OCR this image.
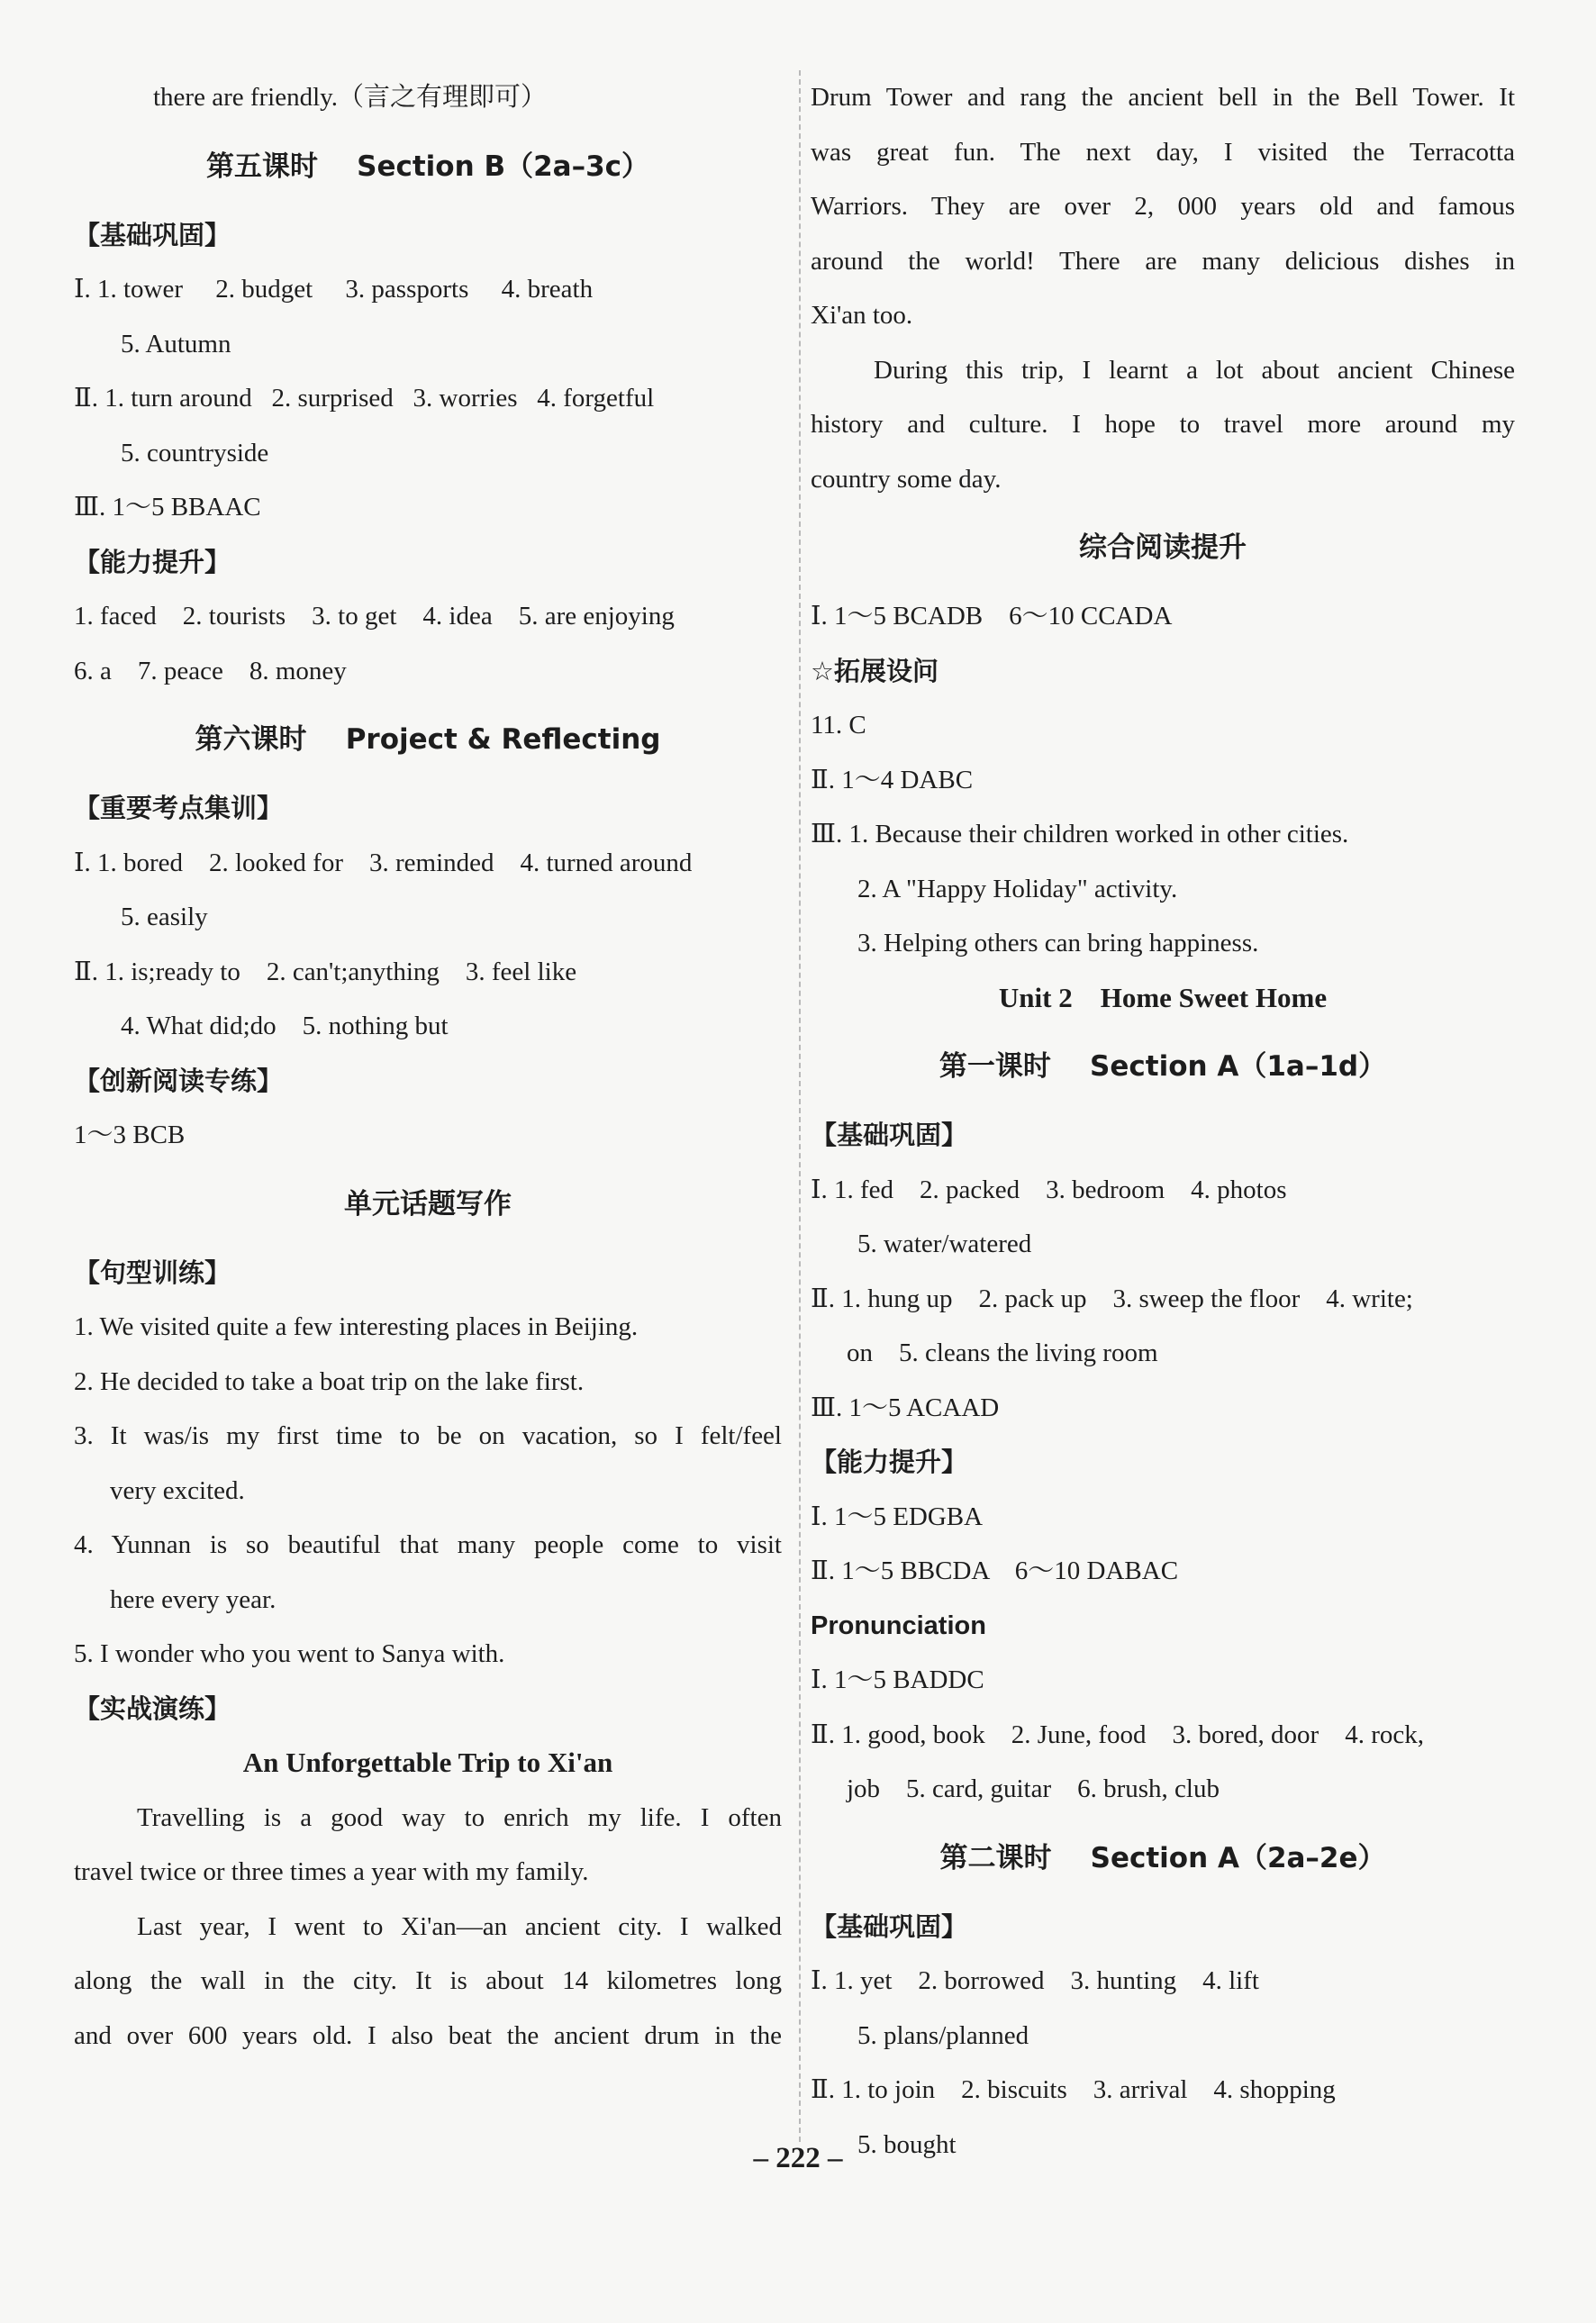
there are friendly.（言之有理即可）
第五课时    Section B（2a–3c）
【基础巩固】
Ⅰ. 1. tower     2. budget     3. passports     4. breath
5. Autumn
Ⅱ. 1. turn around   2. surprised   3. worries   4. forgetful
5. countryside
Ⅲ. 1～5 BBAAC
【能力提升】
1. faced    2. tourists    3. to get    4. idea    5. are enjoying
6. a    7. peace    8. money
第六课时    Project & Reflecting
【重要考点集训】
Ⅰ. 1. bored    2. looked for    3. reminded    4. turned around
5. easily
Ⅱ. 1. is;ready to    2. can't;anything    3. feel like
4. What did;do    5. nothing but
【创新阅读专练】
1～3 BCB
单元话题写作
【句型训练】
1. We visited quite a few interesting places in Beijing.
2. He decided to take a boat trip on the lake first.
3. It was/is my first time to be on vacation, so I felt/feel
very excited.
4. Yunnan is so beautiful that many people come to visit
here every year.
5. I wonder who you went to Sanya with.
【实战演练】
An Unforgettable Trip to Xi'an
Travelling is a good way to enrich my life. I often
travel twice or three times a year with my family.
Last year, I went to Xi'an—an ancient city. I walked
along the wall in the city. It is about 14 kilometres long
and over 600 years old. I also beat the ancient drum in the
Drum Tower and rang the ancient bell in the Bell Tower. It
was great fun. The next day, I visited the Terracotta
Warriors. They are over 2, 000 years old and famous
around the world! There are many delicious dishes in
Xi'an too.
During this trip, I learnt a lot about ancient Chinese
history and culture. I hope to travel more around my
country some day.
综合阅读提升
Ⅰ. 1～5 BCADB    6～10 CCADA
☆拓展设问
11. C
Ⅱ. 1～4 DABC
Ⅲ. 1. Because their children worked in other cities.
2. A "Happy Holiday" activity.
3. Helping others can bring happiness.
Unit 2    Home Sweet Home
第一课时    Section A（1a–1d）
【基础巩固】
Ⅰ. 1. fed    2. packed    3. bedroom    4. photos
5. water/watered
Ⅱ. 1. hung up    2. pack up    3. sweep the floor    4. write;
on    5. cleans the living room
Ⅲ. 1～5 ACAAD
【能力提升】
Ⅰ. 1～5 EDGBA
Ⅱ. 1～5 BBCDA    6～10 DABAC
Pronunciation
Ⅰ. 1～5 BADDC
Ⅱ. 1. good, book    2. June, food    3. bored, door    4. rock,
job    5. card, guitar    6. brush, club
第二课时    Section A（2a–2e）
【基础巩固】
Ⅰ. 1. yet    2. borrowed    3. hunting    4. lift
5. plans/planned
Ⅱ. 1. to join    2. biscuits    3. arrival    4. shopping
5. bought
– 222 –
